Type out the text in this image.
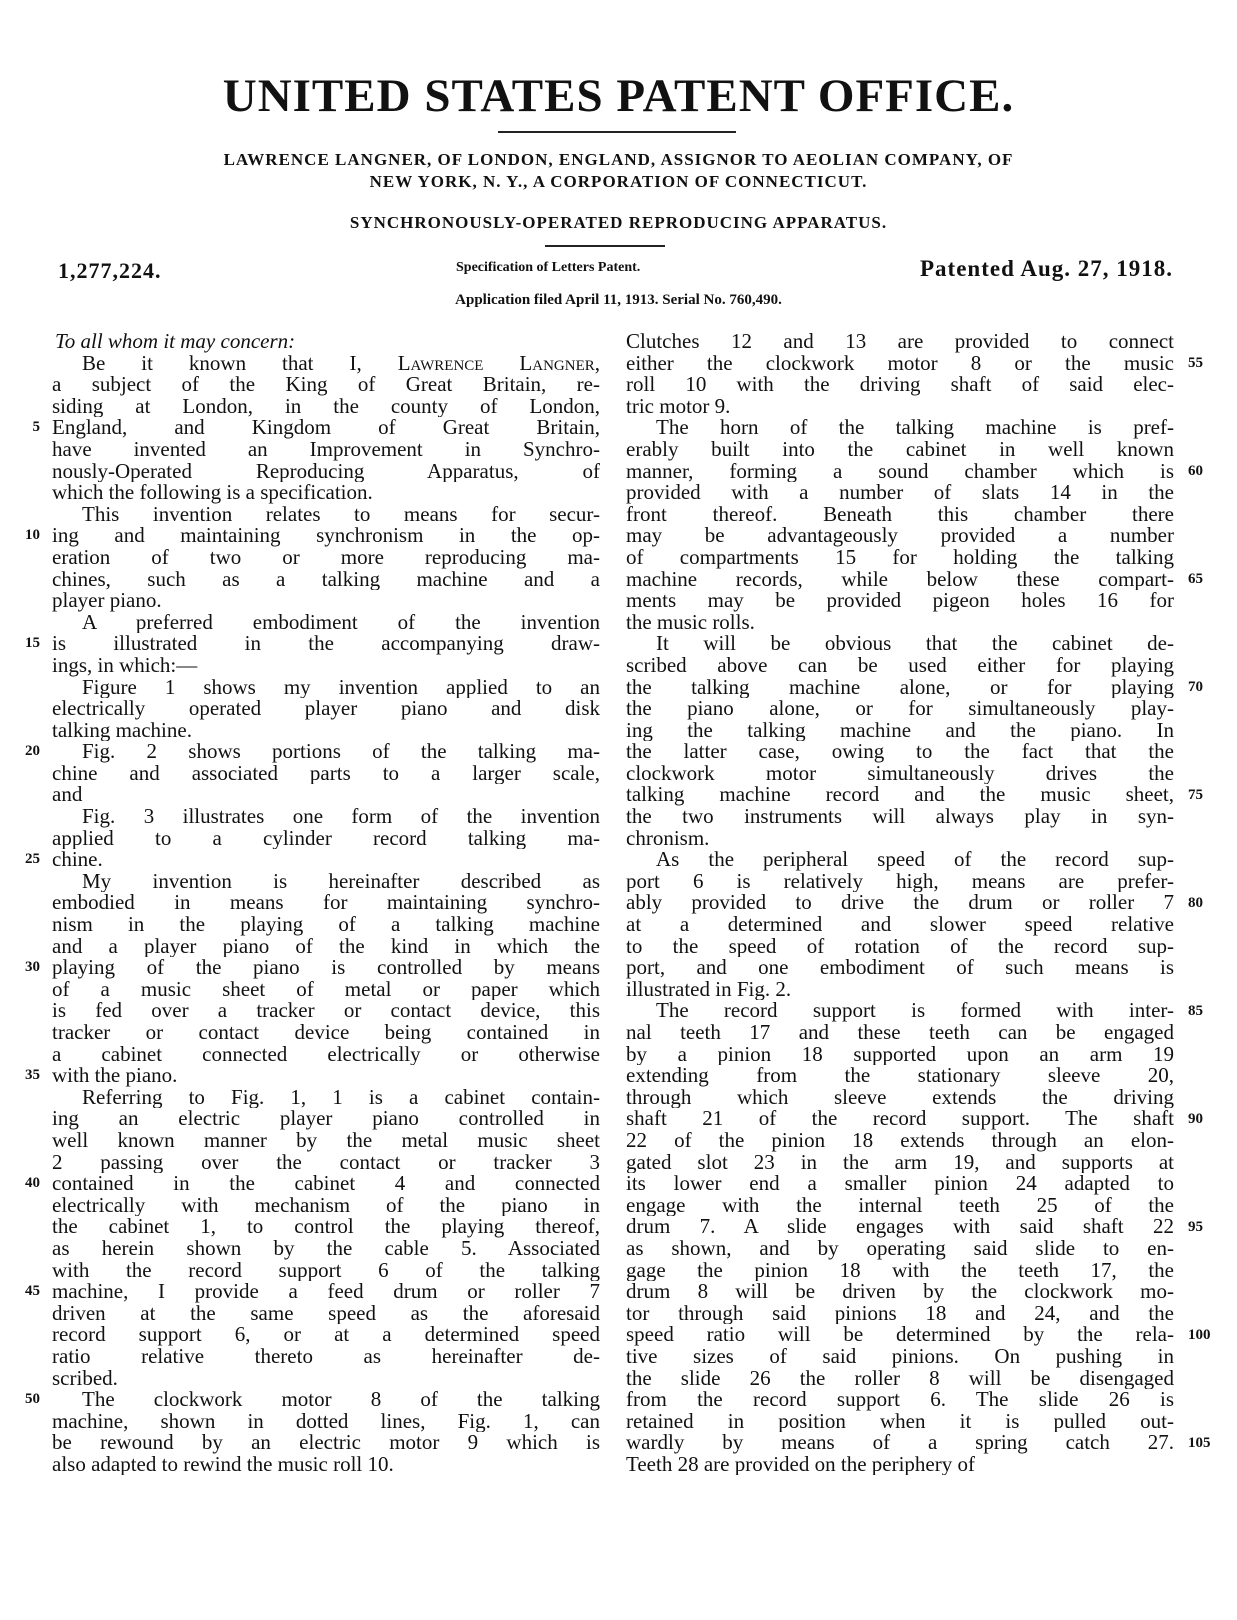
UNITED STATES PATENT OFFICE.
LAWRENCE LANGNER, OF LONDON, ENGLAND, ASSIGNOR TO AEOLIAN COMPANY, OF
NEW YORK, N. Y., A CORPORATION OF CONNECTICUT.
SYNCHRONOUSLY-OPERATED REPRODUCING APPARATUS.
1,277,224.	Specification of Letters Patent.	Patented Aug. 27, 1918.
Application filed April 11, 1913. Serial No. 760,490.
To all whom it may concern:
Be it known that I, Lawrence Langner,
a subject of the King of Great Britain, re-
siding at London, in the county of London,
England, and Kingdom of Great Britain,
have invented an Improvement in Synchro-
nously-Operated Reproducing Apparatus, of
which the following is a specification.
This invention relates to means for secur-
ing and maintaining synchronism in the op-
eration of two or more reproducing ma-
chines, such as a talking machine and a
player piano.
A preferred embodiment of the invention
is illustrated in the accompanying draw-
ings, in which:—
Figure 1 shows my invention applied to an
electrically operated player piano and disk
talking machine.
Fig. 2 shows portions of the talking ma-
chine and associated parts to a larger scale,
and
Fig. 3 illustrates one form of the invention
applied to a cylinder record talking ma-
chine.
My invention is hereinafter described as
embodied in means for maintaining synchro-
nism in the playing of a talking machine
and a player piano of the kind in which the
playing of the piano is controlled by means
of a music sheet of metal or paper which
is fed over a tracker or contact device, this
tracker or contact device being contained in
a cabinet connected electrically or otherwise
with the piano.
Referring to Fig. 1, 1 is a cabinet contain-
ing an electric player piano controlled in
well known manner by the metal music sheet
2 passing over the contact or tracker 3
contained in the cabinet 4 and connected
electrically with mechanism of the piano in
the cabinet 1, to control the playing thereof,
as herein shown by the cable 5. Associated
with the record support 6 of the talking
machine, I provide a feed drum or roller 7
driven at the same speed as the aforesaid
record support 6, or at a determined speed
ratio relative thereto as hereinafter de-
scribed.
The clockwork motor 8 of the talking
machine, shown in dotted lines, Fig. 1, can
be rewound by an electric motor 9 which is
also adapted to rewind the music roll 10.
Clutches 12 and 13 are provided to connect
either the clockwork motor 8 or the music
roll 10 with the driving shaft of said elec-
tric motor 9.
The horn of the talking machine is pref-
erably built into the cabinet in well known
manner, forming a sound chamber which is
provided with a number of slats 14 in the
front thereof. Beneath this chamber there
may be advantageously provided a number
of compartments 15 for holding the talking
machine records, while below these compart-
ments may be provided pigeon holes 16 for
the music rolls.
It will be obvious that the cabinet de-
scribed above can be used either for playing
the talking machine alone, or for playing
the piano alone, or for simultaneously play-
ing the talking machine and the piano. In
the latter case, owing to the fact that the
clockwork motor simultaneously drives the
talking machine record and the music sheet,
the two instruments will always play in syn-
chronism.
As the peripheral speed of the record sup-
port 6 is relatively high, means are prefer-
ably provided to drive the drum or roller 7
at a determined and slower speed relative
to the speed of rotation of the record sup-
port, and one embodiment of such means is
illustrated in Fig. 2.
The record support is formed with inter-
nal teeth 17 and these teeth can be engaged
by a pinion 18 supported upon an arm 19
extending from the stationary sleeve 20,
through which sleeve extends the driving
shaft 21 of the record support. The shaft
22 of the pinion 18 extends through an elon-
gated slot 23 in the arm 19, and supports at
its lower end a smaller pinion 24 adapted to
engage with the internal teeth 25 of the
drum 7. A slide engages with said shaft 22
as shown, and by operating said slide to en-
gage the pinion 18 with the teeth 17, the
drum 8 will be driven by the clockwork mo-
tor through said pinions 18 and 24, and the
speed ratio will be determined by the rela-
tive sizes of said pinions. On pushing in
the slide 26 the roller 8 will be disengaged
from the record support 6. The slide 26 is
retained in position when it is pulled out-
wardly by means of a spring catch 27.
Teeth 28 are provided on the periphery of
5
10
15
20
25
30
35
40
45
50
55
60
65
70
75
80
85
90
95
100
105
